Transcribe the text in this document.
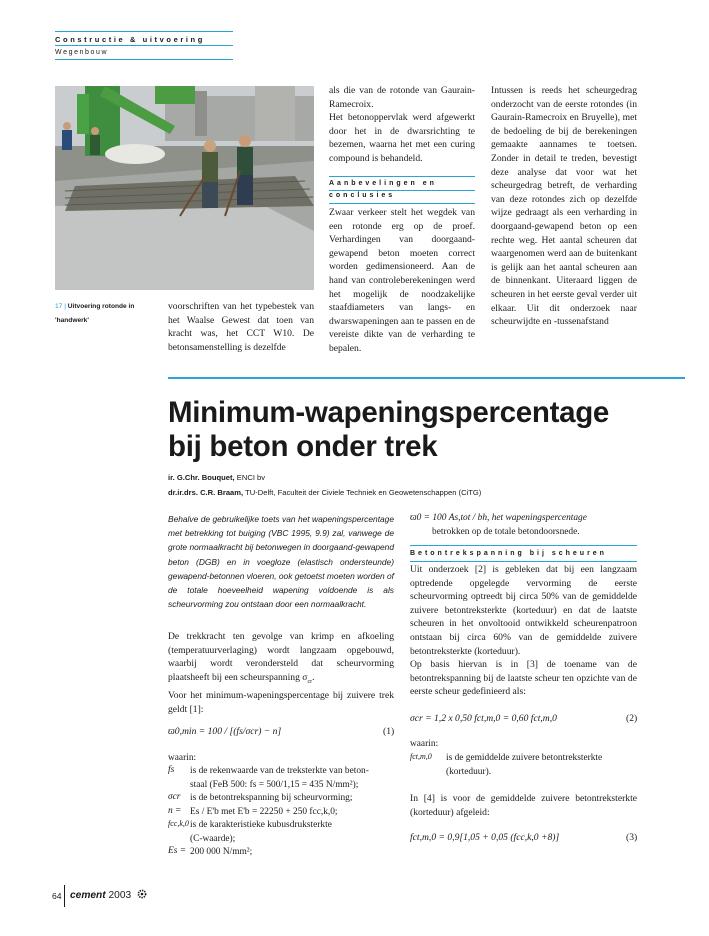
Constructie & uitvoering
Wegenbouw
17 | Uitvoering rotonde in 'handwerk'

voorschriften van het typebestek van het Waalse Gewest dat toen van kracht was, het CCT W10. De betonsamenstelling is dezelfde

als die van de rotonde van Gaurain-Ramecroix.

Het betonoppervlak werd afgewerkt door het in de dwarsrichting te bezemen, waarna het met een curing compound is behandeld.

Aanbevelingen en
conclusies

Zwaar verkeer stelt het wegdek van een rotonde erg op de proef. Verhardingen van doorgaand-gewapend beton moeten correct worden gedimensioneerd. Aan de hand van controleberekeningen werd het mogelijk de noodzakelijke staafdiameters van langs- en dwarswapeningen aan te passen en de vereiste dikte van de verharding te bepalen.

Intussen is reeds het scheurgedrag onderzocht van de eerste rotondes (in Gaurain-Ramecroix en Bruyelle), met de bedoeling de bij de berekeningen gemaakte aannames te toetsen. Zonder in detail te treden, bevestigt deze analyse dat voor wat het scheurgedrag betreft, de verharding van deze rotondes zich op dezelfde wijze gedraagt als een verharding in doorgaand-gewapend beton op een rechte weg. Het aantal scheuren dat waargenomen werd aan de buitenkant is gelijk aan het aantal scheuren aan de binnenkant. Uiteraard liggen de scheuren in het eerste geval verder uit elkaar. Uit dit onderzoek naar scheurwijdte en -tussenafstand

Minimum-wapeningspercentage
bij beton onder trek
ir. G.Chr. Bouquet, ENCI bv
dr.ir.drs. C.R. Braam, TU-Delft, Faculteit der Civiele Techniek en Geowetenschappen (CiTG)
Behalve de gebruikelijke toets van het wapeningspercentage met betrekking tot buiging (VBC 1995, 9.9) zal, vanwege de grote normaalkracht bij betonwegen in doorgaand-gewapend beton (DGB) en in voegloze (elastisch ondersteunde) gewapend-betonnen vloeren, ook getoetst moeten worden of de totale hoeveelheid wapening voldoende is als scheurvorming zou ontstaan door een normaalkracht.

De trekkracht ten gevolge van krimp en afkoeling (temperatuurverlaging) wordt langzaam opgebouwd, waarbij wordt verondersteld dat scheurvorming plaatsheeft bij een scheurspanning $\sigma_{cr}$.

Voor het minimum-wapeningspercentage bij zuivere trek geldt [1]:

ϖ0,min = 100 / [(fs/σcr) − n]	(1)
waarin:
fs is de rekenwaarde van de treksterkte van beton-
staal (FeB 500: fs = 500/1,15 = 435 N/mm²);
σcr is de betontrekspanning bij scheurvorming;
n = Es / E'b met E'b = 22250 + 250 fcc,k,0;
fcc,k,0 is de karakteristieke kubusdruksterkte
(C-waarde);
Es = 200 000 N/mm²;
ϖ0 = 100 As,tot / bh, het wapeningspercentage
betrokken op de totale betondoorsnede.
Betontrekspanning bij scheuren

Uit onderzoek [2] is gebleken dat bij een langzaam optredende opgelegde vervorming de eerste scheurvorming optreedt bij circa 50% van de gemiddelde zuivere betontreksterkte (korteduur) en dat de laatste scheuren in het onvoltooid ontwikkeld scheurenpatroon ontstaan bij circa 60% van de gemiddelde zuivere betontreksterkte (korteduur).

Op basis hiervan is in [3] de toename van de betontrekspanning bij de laatste scheur ten opzichte van de eerste scheur gedefinieerd als:

σcr = 1,2 x 0,50 fct,m,0 = 0,60 fct,m,0	(2)
waarin:
fct,m,0 is de gemiddelde zuivere betontreksterkte
(korteduur).

In [4] is voor de gemiddelde zuivere betontreksterkte (korteduur) afgeleid:

fct,m,0 = 0,9[1,05 + 0,05 (fcc,k,0 +8)]	(3)
64 cement 2003
